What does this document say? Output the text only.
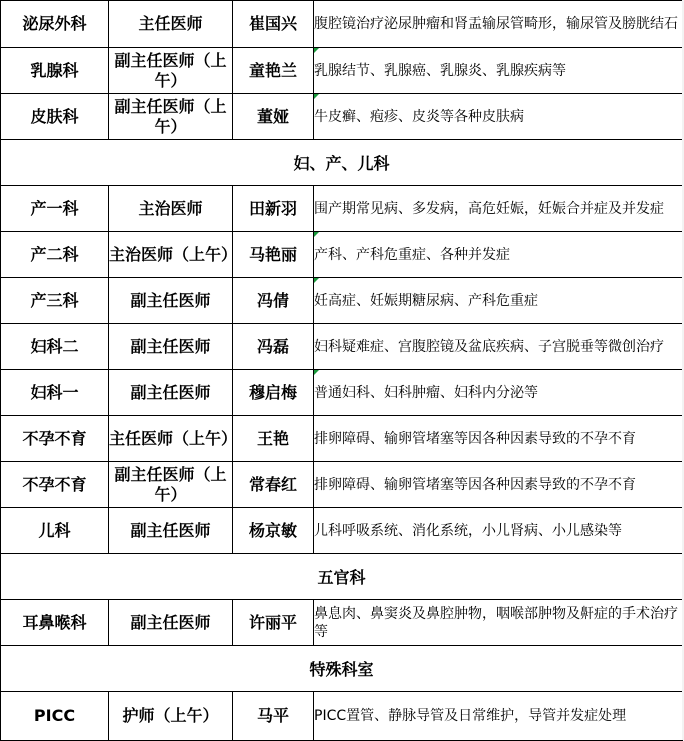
泌尿外科	主任医师	崔国兴	腹腔镜治疗泌尿肿瘤和肾盂输尿管畸形，输尿管及膀胱结石
乳腺科	副主任医师（上午）	童艳兰	乳腺结节、乳腺癌、乳腺炎、乳腺疾病等
皮肤科	副主任医师（上午）	董娅	牛皮癣、疱疹、皮炎等各种皮肤病
妇、产、儿科			
产一科	主治医师	田新羽	围产期常见病、多发病，高危妊娠，妊娠合并症及并发症
产二科	主治医师（上午）	马艳丽	产科、产科危重症、各种并发症
产三科	副主任医师	冯倩	妊高症、妊娠期糖尿病、产科危重症
妇科二	副主任医师	冯磊	妇科疑难症、宫腹腔镜及盆底疾病、子宫脱垂等微创治疗
妇科一	副主任医师	穆启梅	普通妇科、妇科肿瘤、妇科内分泌等
不孕不育	主任医师（上午）	王艳	排卵障碍、输卵管堵塞等因各种因素导致的不孕不育
不孕不育	副主任医师（上午）	常春红	排卵障碍、输卵管堵塞等因各种因素导致的不孕不育
儿科	副主任医师	杨京敏	儿科呼吸系统、消化系统，小儿肾病、小儿感染等
五官科			
耳鼻喉科	副主任医师	许丽平	鼻息肉、鼻窦炎及鼻腔肿物，咽喉部肿物及鼾症的手术治疗等
特殊科室			
PICC	护师（上午）	马平	PICC置管、静脉导管及日常维护，导管并发症处理
